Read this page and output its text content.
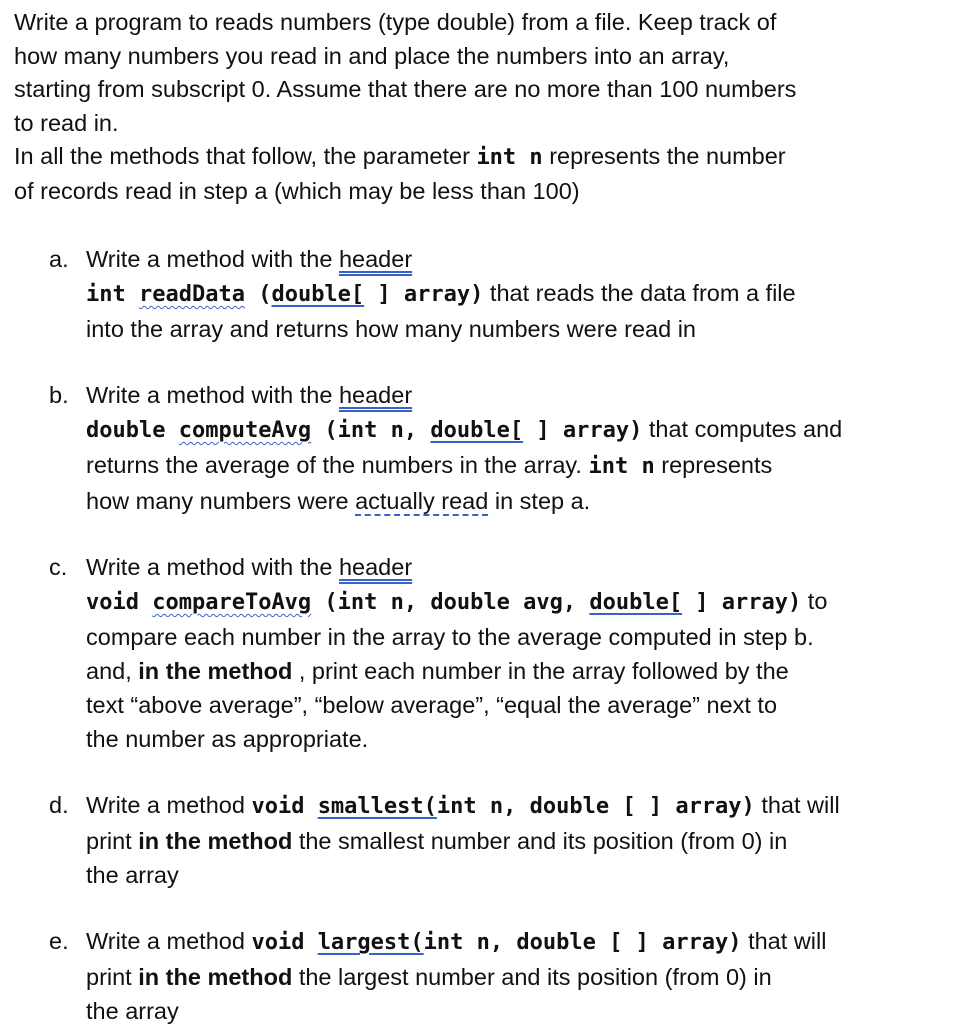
Write a program to reads numbers (type double) from a file. Keep track of
how many numbers you read in and place the numbers into an array,
starting from subscript 0. Assume that there are no more than 100 numbers
to read in.
In all the methods that follow, the parameter int n represents the number
of records read in step a (which may be less than 100)

a. Write a method with the header
int readData (double[ ] array) that reads the data from a file
into the array and returns how many numbers were read in
b. Write a method with the header
double computeAvg (int n, double[ ] array) that computes and
returns the average of the numbers in the array. int n represents
how many numbers were actually read in step a.
c. Write a method with the header
void compareToAvg (int n, double avg, double[ ] array) to
compare each number in the array to the average computed in step b.
and, in the method , print each number in the array followed by the
text “above average”, “below average”, “equal the average” next to
the number as appropriate.
d. Write a method void smallest(int n, double [ ] array) that will
print in the method the smallest number and its position (from 0) in
the array
e. Write a method void largest(int n, double [ ] array) that will
print in the method the largest number and its position (from 0) in
the array
